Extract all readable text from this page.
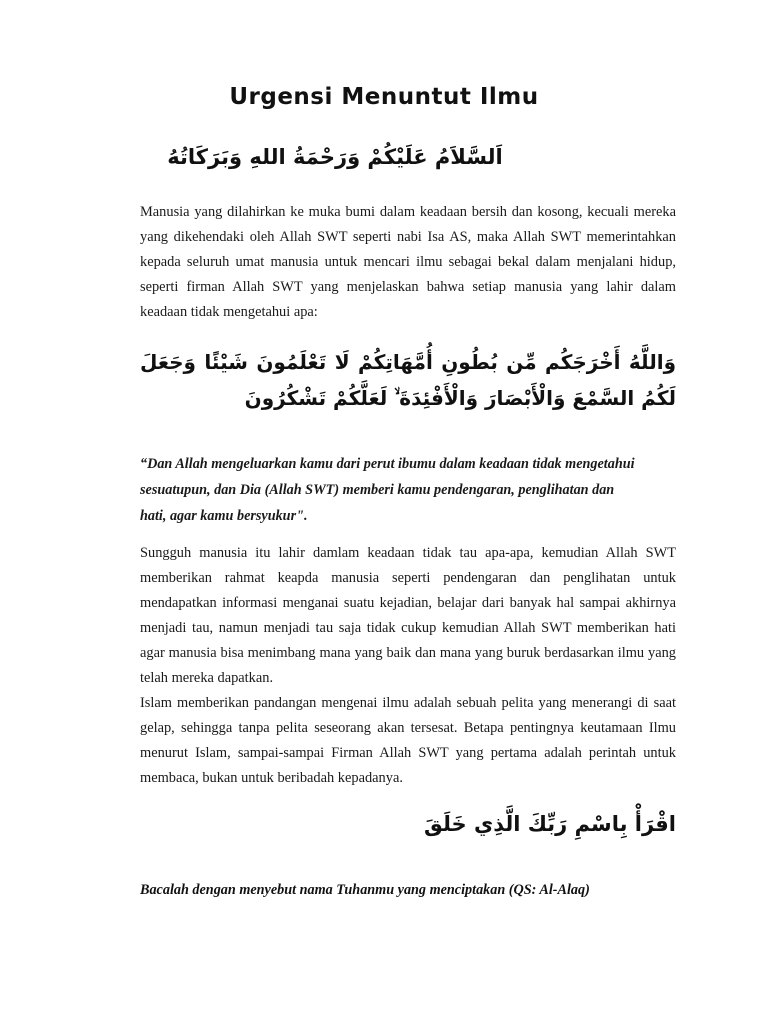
Urgensi Menuntut Ilmu
اَلسَّلاَمُ عَلَيْكُمْ وَرَحْمَةُ اللهِ وَبَرَكَاتُهُ

Manusia yang dilahirkan ke muka bumi dalam keadaan bersih dan kosong, kecuali mereka yang dikehendaki oleh Allah SWT seperti nabi Isa AS, maka Allah SWT memerintahkan kepada seluruh umat manusia untuk mencari ilmu sebagai bekal dalam menjalani hidup, seperti firman Allah SWT yang menjelaskan bahwa setiap manusia yang lahir dalam keadaan tidak mengetahui apa:

وَاللَّهُ أَخْرَجَكُم مِّن بُطُونِ أُمَّهَاتِكُمْ لَا تَعْلَمُونَ شَيْئًا وَجَعَلَ لَكُمُ السَّمْعَ وَالْأَبْصَارَ وَالْأَفْئِدَةَ ۙ لَعَلَّكُمْ تَشْكُرُونَ

“Dan Allah mengeluarkan kamu dari perut ibumu dalam keadaan tidak mengetahui sesuatupun, dan Dia (Allah SWT) memberi kamu pendengaran, penglihatan dan hati, agar kamu bersyukur".

Sungguh manusia itu lahir damlam keadaan tidak tau apa-apa, kemudian Allah SWT memberikan rahmat keapda manusia seperti pendengaran dan penglihatan untuk mendapatkan informasi menganai suatu kejadian, belajar dari banyak hal sampai akhirnya menjadi tau, namun menjadi tau saja tidak cukup kemudian Allah SWT memberikan hati agar manusia bisa menimbang mana yang baik dan mana yang buruk berdasarkan ilmu yang telah mereka dapatkan.

Islam memberikan pandangan mengenai ilmu adalah sebuah pelita yang menerangi di saat gelap, sehingga tanpa pelita seseorang akan tersesat. Betapa pentingnya keutamaan Ilmu menurut Islam, sampai-sampai Firman Allah SWT yang pertama adalah perintah untuk membaca, bukan untuk beribadah kepadanya.

اقْرَأْ بِاسْمِ رَبِّكَ الَّذِي خَلَقَ

Bacalah dengan menyebut nama Tuhanmu yang menciptakan (QS: Al-Alaq)
